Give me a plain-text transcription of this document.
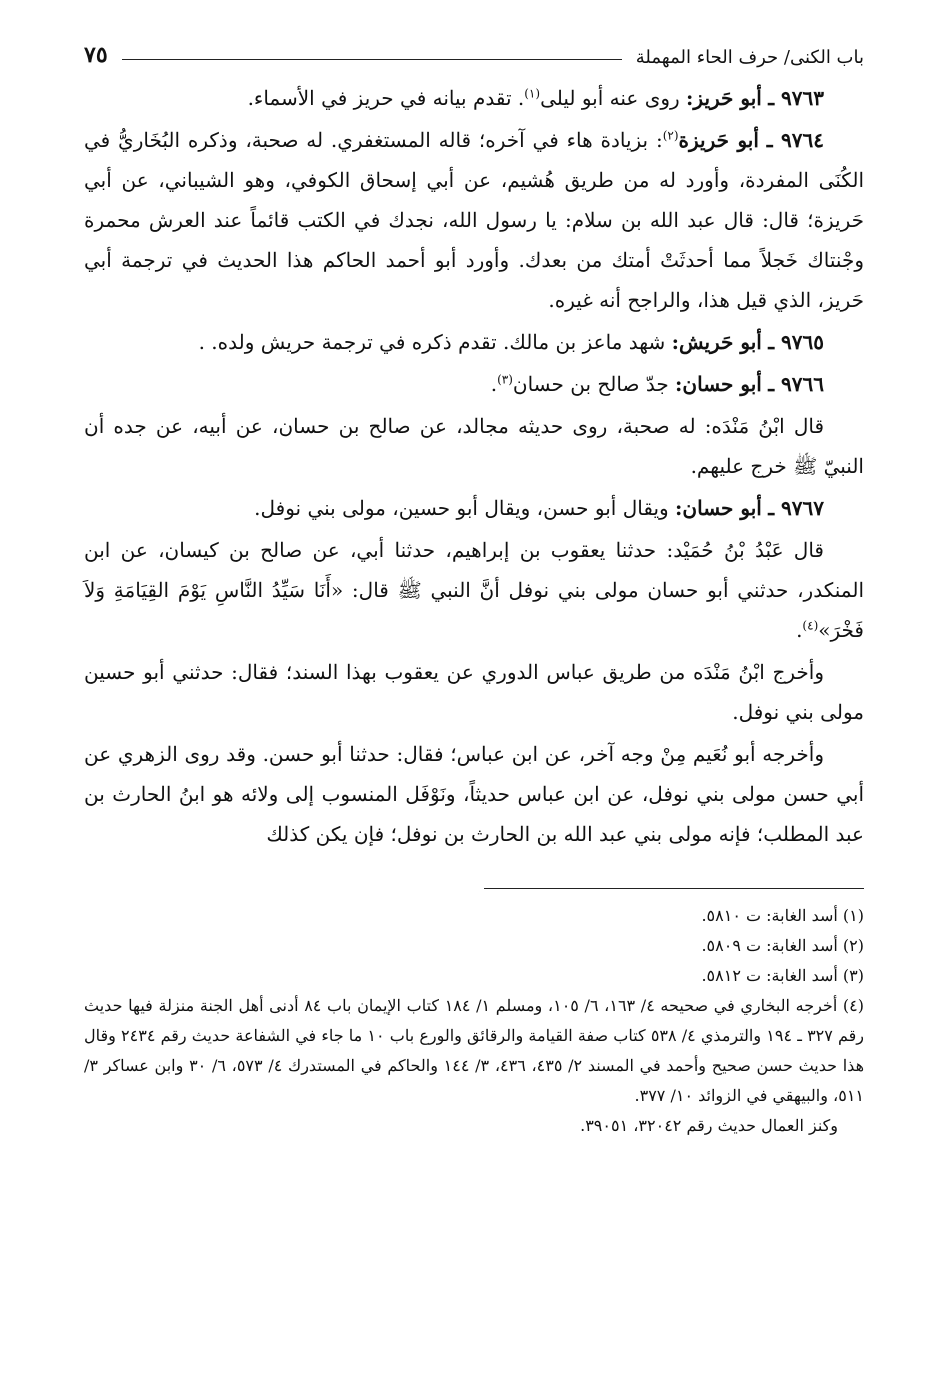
باب الكنى/ حرف الحاء المهملة
٧٥

٩٧٦٣ ـ أبو حَريز: روى عنه أبو ليلى$^{(١)}$. تقدم بيانه في حريز في الأسماء.

٩٧٦٤ ـ أبو حَريزة$^{(٢)}$: بزيادة هاء في آخره؛ قاله المستغفري. له صحبة، وذكره البُخَاريُّ في الكُنَى المفردة، وأورد له من طريق هُشيم، عن أبي إسحاق الكوفي، وهو الشيباني، عن أبي حَريزة؛ قال: قال عبد الله بن سلام: يا رسول الله، نجدك في الكتب قائماً عند العرش محمرة وجْنتاك خَجلاً مما أحدثَتْ أمتك من بعدك. وأورد أبو أحمد الحاكم هذا الحديث في ترجمة أبي حَريز، الذي قيل هذا، والراجح أنه غيره.

٩٧٦٥ ـ أبو حَريش: شهد ماعز بن مالك. تقدم ذكره في ترجمة حريش ولده. .

٩٧٦٦ ـ أبو حسان: جدّ صالح بن حسان$^{(٣)}$.

قال ابْنُ مَنْدَه: له صحبة، روى حديثه مجالد، عن صالح بن حسان، عن أبيه، عن جده أن النبيّ ﷺ خرج عليهم.

٩٧٦٧ ـ أبو حسان: ويقال أبو حسن، ويقال أبو حسين، مولى بني نوفل.

قال عَبْدُ بْنُ حُمَيْد: حدثنا يعقوب بن إبراهيم، حدثنا أبي، عن صالح بن كيسان، عن ابن المنكدر، حدثني أبو حسان مولى بني نوفل أنَّ النبي ﷺ قال: «أَنَا سَيِّدُ النَّاسِ يَوْمَ القِيَامَةِ وَلاَ فَخْرَ»$^{(٤)}$.

وأخرج ابْنُ مَنْدَه من طريق عباس الدوري عن يعقوب بهذا السند؛ فقال: حدثني أبو حسين مولى بني نوفل.

وأخرجه أبو نُعَيم مِنْ وجه آخر، عن ابن عباس؛ فقال: حدثنا أبو حسن. وقد روى الزهري عن أبي حسن مولى بني نوفل، عن ابن عباس حديثاً، ونَوْفَل المنسوب إلى ولائه هو ابنُ الحارث بن عبد المطلب؛ فإنه مولى بني عبد الله بن الحارث بن نوفل؛ فإن يكن كذلك

(١) أسد الغابة: ت ٥٨١٠.

(٢) أسد الغابة: ت ٥٨٠٩.

(٣) أسد الغابة: ت ٥٨١٢.

(٤) أخرجه البخاري في صحيحه ٤/ ١٦٣، ٦/ ١٠٥، ومسلم ١/ ١٨٤ كتاب الإيمان باب ٨٤ أدنى أهل الجنة منزلة فيها حديث رقم ٣٢٧ ـ ١٩٤ والترمذي ٤/ ٥٣٨ كتاب صفة القيامة والرقائق والورع باب ١٠ ما جاء في الشفاعة حديث رقم ٢٤٣٤ وقال هذا حديث حسن صحيح وأحمد في المسند ٢/ ٤٣٥، ٤٣٦، ٣/ ١٤٤ والحاكم في المستدرك ٤/ ٥٧٣، ٦/ ٣٠ وابن عساكر ٣/ ٥١١، والبيهقي في الزوائد ١٠/ ٣٧٧.

وكنز العمال حديث رقم ٣٢٠٤٢، ٣٩٠٥١.
